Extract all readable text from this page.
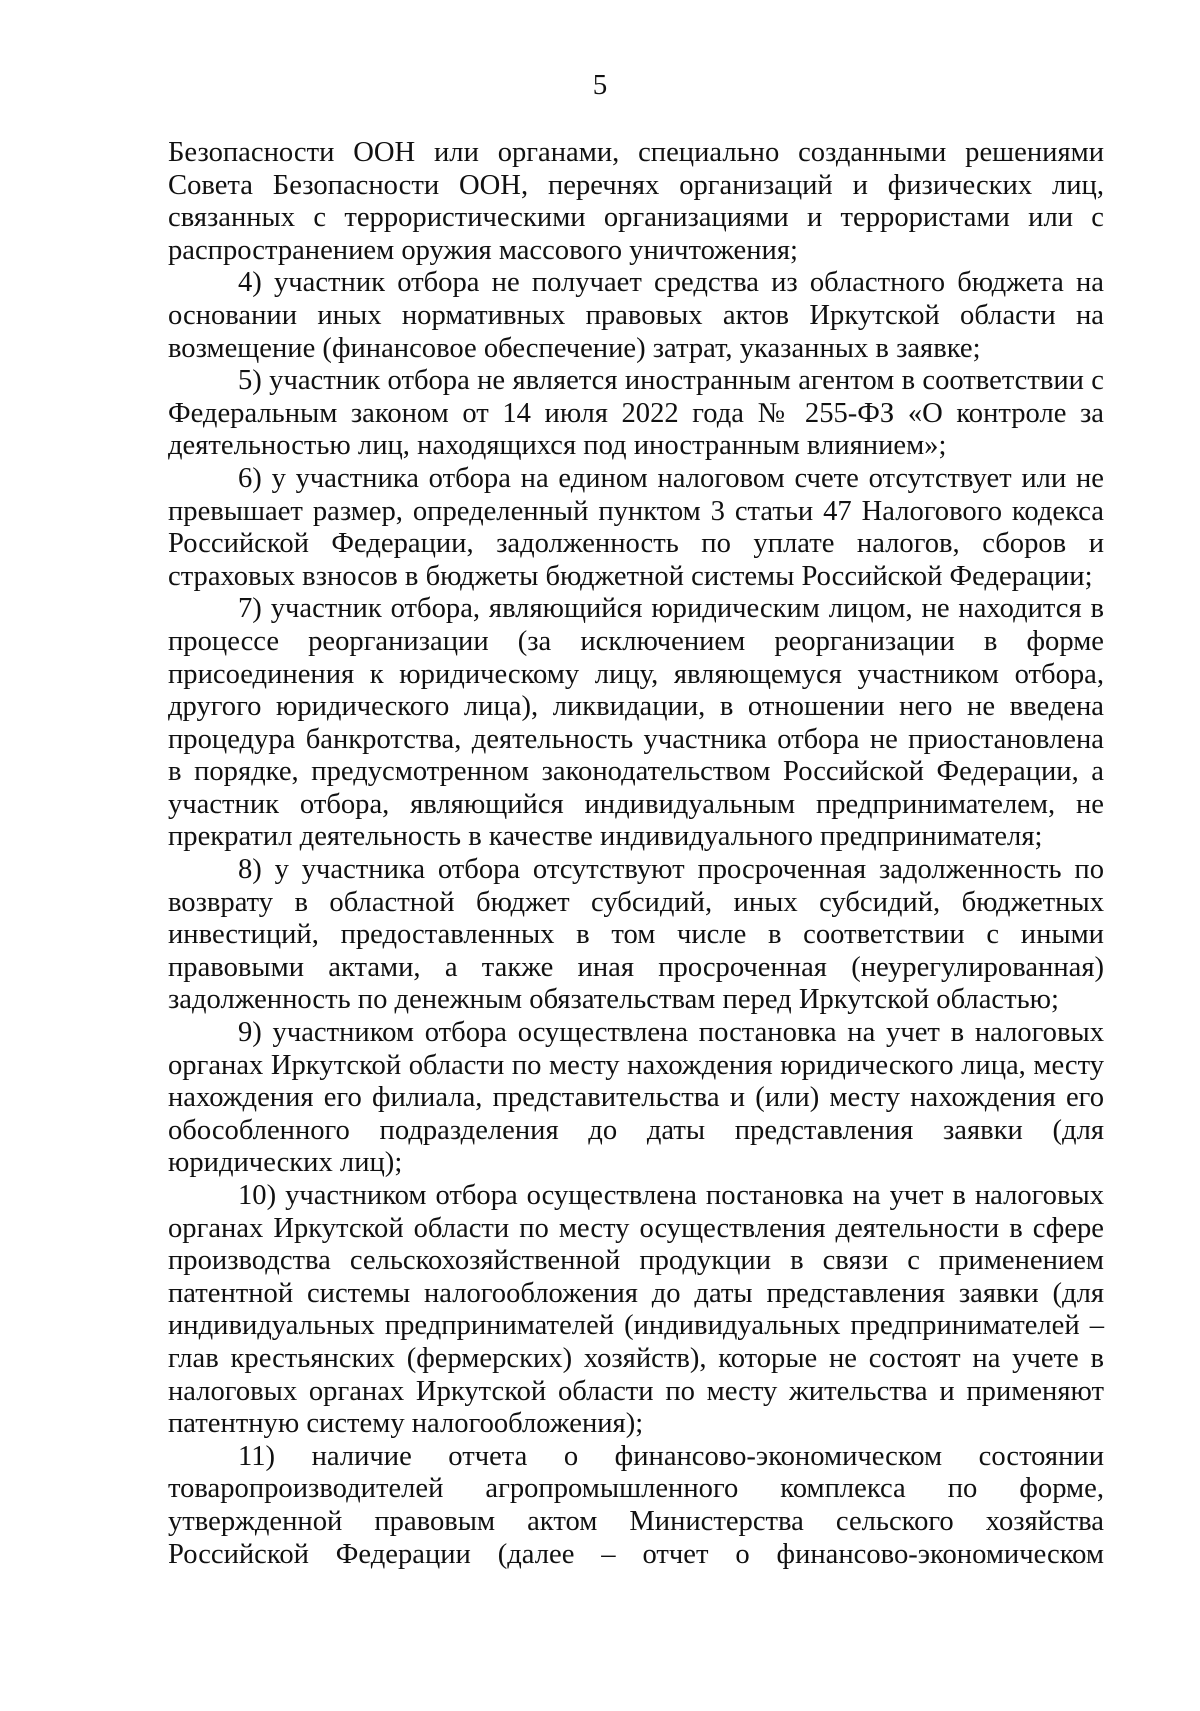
5

Безопасности ООН или органами, специально созданными решениями Совета Безопасности ООН, перечнях организаций и физических лиц, связанных с террористическими организациями и террористами или с распространением оружия массового уничтожения;

4) участник отбора не получает средства из областного бюджета на основании иных нормативных правовых актов Иркутской области на возмещение (финансовое обеспечение) затрат, указанных в заявке;

5) участник отбора не является иностранным агентом в соответствии с Федеральным законом от 14 июля 2022 года № 255-ФЗ «О контроле за деятельностью лиц, находящихся под иностранным влиянием»;

6) у участника отбора на едином налоговом счете отсутствует или не превышает размер, определенный пунктом 3 статьи 47 Налогового кодекса Российской Федерации, задолженность по уплате налогов, сборов и страховых взносов в бюджеты бюджетной системы Российской Федерации;

7) участник отбора, являющийся юридическим лицом, не находится в процессе реорганизации (за исключением реорганизации в форме присоединения к юридическому лицу, являющемуся участником отбора, другого юридического лица), ликвидации, в отношении него не введена процедура банкротства, деятельность участника отбора не приостановлена в порядке, предусмотренном законодательством Российской Федерации, а участник отбора, являющийся индивидуальным предпринимателем, не прекратил деятельность в качестве индивидуального предпринимателя;

8) у участника отбора отсутствуют просроченная задолженность по возврату в областной бюджет субсидий, иных субсидий, бюджетных инвестиций, предоставленных в том числе в соответствии с иными правовыми актами, а также иная просроченная (неурегулированная) задолженность по денежным обязательствам перед Иркутской областью;

9) участником отбора осуществлена постановка на учет в налоговых органах Иркутской области по месту нахождения юридического лица, месту нахождения его филиала, представительства и (или) месту нахождения его обособленного подразделения до даты представления заявки (для юридических лиц);

10) участником отбора осуществлена постановка на учет в налоговых органах Иркутской области по месту осуществления деятельности в сфере производства сельскохозяйственной продукции в связи с применением патентной системы налогообложения до даты представления заявки (для индивидуальных предпринимателей (индивидуальных предпринимателей – глав крестьянских (фермерских) хозяйств), которые не состоят на учете в налоговых органах Иркутской области по месту жительства и применяют патентную систему налогообложения);

11) наличие отчета о финансово-экономическом состоянии товаропроизводителей агропромышленного комплекса по форме, утвержденной правовым актом Министерства сельского хозяйства Российской Федерации (далее – отчет о финансово-экономическом
